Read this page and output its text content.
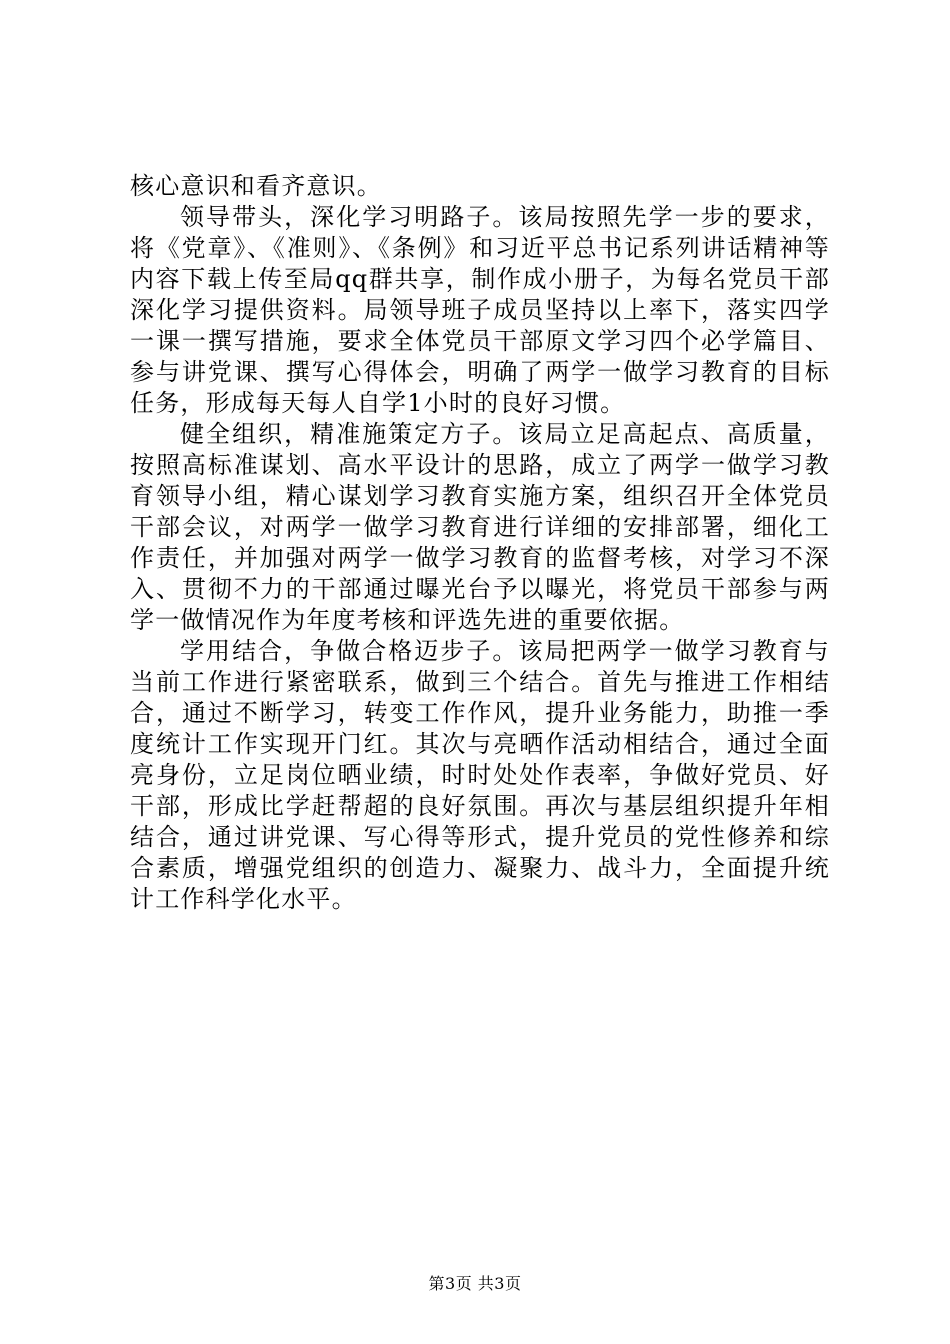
核心意识和看齐意识。

领导带头，深化学习明路子。该局按照先学一步的要求，将《党章》、《准则》、《条例》和习近平总书记系列讲话精神等内容下载上传至局qq群共享，制作成小册子，为每名党员干部深化学习提供资料。局领导班子成员坚持以上率下，落实四学一课一撰写措施，要求全体党员干部原文学习四个必学篇目、参与讲党课、撰写心得体会，明确了两学一做学习教育的目标任务，形成每天每人自学1小时的良好习惯。

健全组织，精准施策定方子。该局立足高起点、高质量，按照高标准谋划、高水平设计的思路，成立了两学一做学习教育领导小组，精心谋划学习教育实施方案，组织召开全体党员干部会议，对两学一做学习教育进行详细的安排部署，细化工作责任，并加强对两学一做学习教育的监督考核，对学习不深入、贯彻不力的干部通过曝光台予以曝光，将党员干部参与两学一做情况作为年度考核和评选先进的重要依据。

学用结合，争做合格迈步子。该局把两学一做学习教育与当前工作进行紧密联系，做到三个结合。首先与推进工作相结合，通过不断学习，转变工作作风，提升业务能力，助推一季度统计工作实现开门红。其次与亮晒作活动相结合，通过全面亮身份，立足岗位晒业绩，时时处处作表率，争做好党员、好干部，形成比学赶帮超的良好氛围。再次与基层组织提升年相结合，通过讲党课、写心得等形式，提升党员的党性修养和综合素质，增强党组织的创造力、凝聚力、战斗力，全面提升统计工作科学化水平。

第3页 共3页
